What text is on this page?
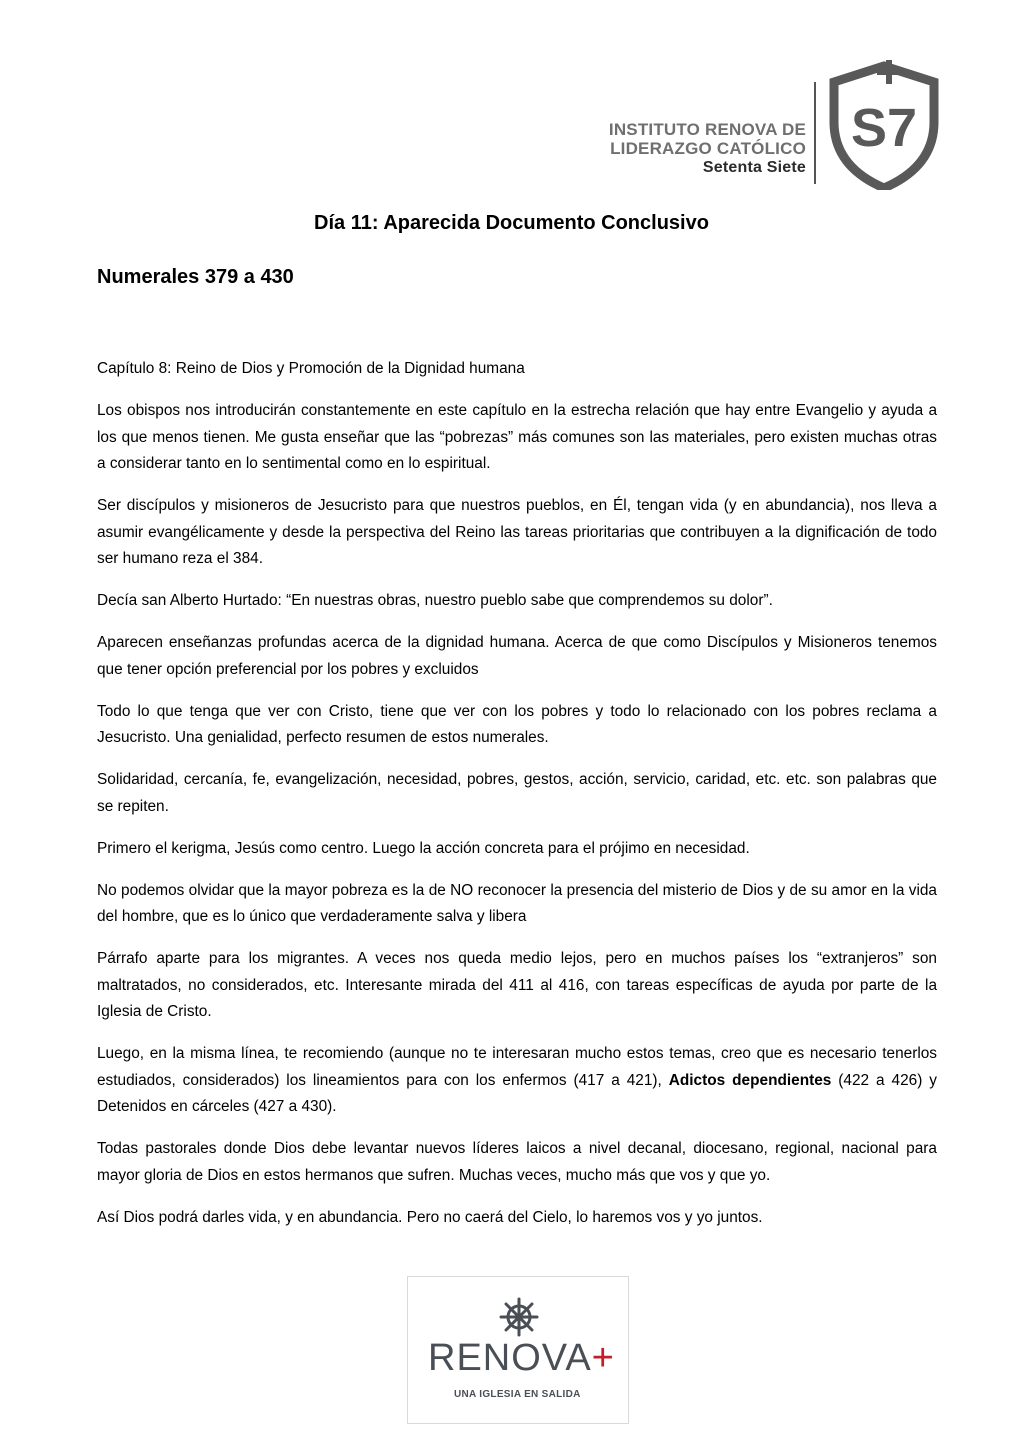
INSTITUTO RENOVA DE
LIDERAZGO CATÓLICO
Setenta Siete
S7
Día 11: Aparecida Documento Conclusivo
Numerales 379 a 430

Capítulo 8: Reino de Dios y Promoción de la Dignidad humana

Los obispos nos introducirán constantemente en este capítulo en la estrecha relación que hay entre Evangelio y ayuda a los que menos tienen. Me gusta enseñar que las “pobrezas” más comunes son las materiales, pero existen muchas otras a considerar tanto en lo sentimental como en lo espiritual.

Ser discípulos y misioneros de Jesucristo para que nuestros pueblos, en Él, tengan vida (y en abundancia), nos lleva a asumir evangélicamente y desde la perspectiva del Reino las tareas prioritarias que contribuyen a la dignificación de todo ser humano reza el 384.

Decía san Alberto Hurtado: “En nuestras obras, nuestro pueblo sabe que comprendemos su dolor”.

Aparecen enseñanzas profundas acerca de la dignidad humana. Acerca de que como Discípulos y Misioneros tenemos que tener opción preferencial por los pobres y excluidos

Todo lo que tenga que ver con Cristo, tiene que ver con los pobres y todo lo relacionado con los pobres reclama a Jesucristo. Una genialidad, perfecto resumen de estos numerales.

Solidaridad, cercanía, fe, evangelización, necesidad, pobres, gestos, acción, servicio, caridad, etc. etc. son palabras que se repiten.

Primero el kerigma, Jesús como centro. Luego la acción concreta para el prójimo en necesidad.

No podemos olvidar que la mayor pobreza es la de NO reconocer la presencia del misterio de Dios y de su amor en la vida del hombre, que es lo único que verdaderamente salva y libera

Párrafo aparte para los migrantes. A veces nos queda medio lejos, pero en muchos países los “extranjeros” son maltratados, no considerados, etc. Interesante mirada del 411 al 416, con tareas específicas de ayuda por parte de la Iglesia de Cristo.

Luego, en la misma línea, te recomiendo (aunque no te interesaran mucho estos temas, creo que es necesario tenerlos estudiados, considerados) los lineamientos para con los enfermos (417 a 421), Adictos dependientes (422 a 426) y Detenidos en cárceles (427 a 430).

Todas pastorales donde Dios debe levantar nuevos líderes laicos a nivel decanal, diocesano, regional, nacional para mayor gloria de Dios en estos hermanos que sufren. Muchas veces, mucho más que vos y que yo.

Así Dios podrá darles vida, y en abundancia. Pero no caerá del Cielo, lo haremos vos y yo juntos.

RENOVA+
UNA IGLESIA EN SALIDA
